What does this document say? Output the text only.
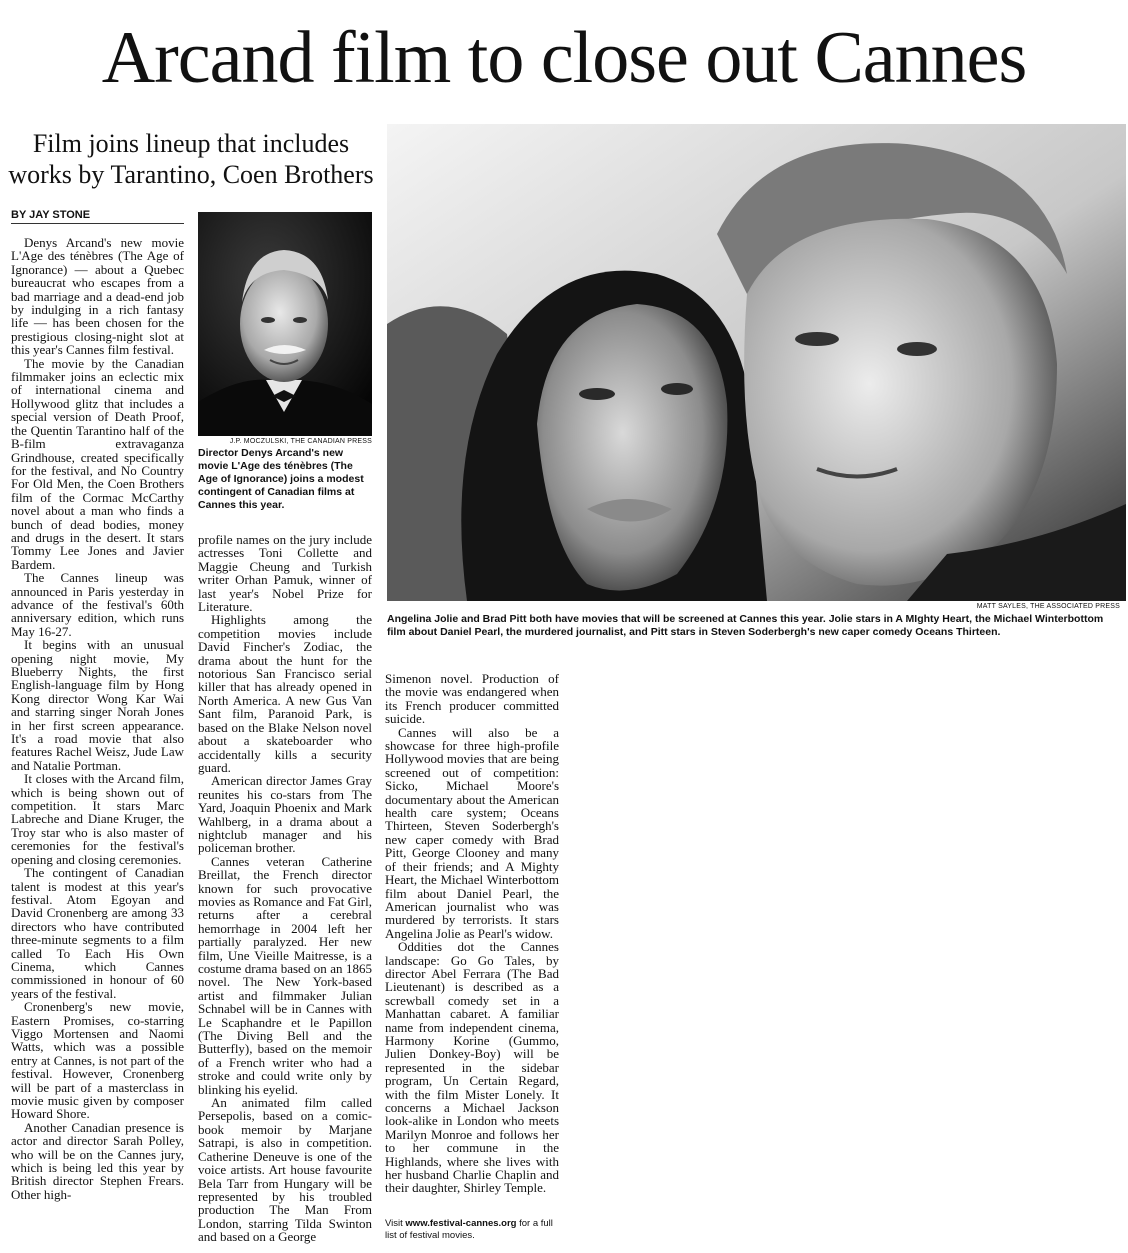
Arcand film to close out Cannes
Film joins lineup that includes works by Tarantino, Coen Brothers
BY JAY STONE
J.P. MOCZULSKI, THE CANADIAN PRESS
Director Denys Arcand's new movie L'Age des ténèbres (The Age of Ignorance) joins a modest contingent of Canadian films at Cannes this year.
MATT SAYLES, THE ASSOCIATED PRESS
Angelina Jolie and Brad Pitt both have movies that will be screened at Cannes this year. Jolie stars in A MIghty Heart, the Michael Winterbottom film about Daniel Pearl, the murdered journalist, and Pitt stars in Steven Soderbergh's new caper comedy Oceans Thirteen.

Denys Arcand's new movie L'Age des ténèbres (The Age of Ignorance) — about a Quebec bureaucrat who escapes from a bad marriage and a dead-end job by indulging in a rich fantasy life — has been chosen for the prestigious closing-night slot at this year's Cannes film festival.

The movie by the Canadian filmmaker joins an eclectic mix of international cinema and Hollywood glitz that includes a special version of Death Proof, the Quentin Tarantino half of the B-film extravaganza Grindhouse, created specifically for the festival, and No Country For Old Men, the Coen Brothers film of the Cormac McCarthy novel about a man who finds a bunch of dead bodies, money and drugs in the desert. It stars Tommy Lee Jones and Javier Bardem.

The Cannes lineup was announced in Paris yesterday in advance of the festival's 60th anniversary edition, which runs May 16-27.

It begins with an unusual opening night movie, My Blueberry Nights, the first English-language film by Hong Kong director Wong Kar Wai and starring singer Norah Jones in her first screen appearance. It's a road movie that also features Rachel Weisz, Jude Law and Natalie Portman.

It closes with the Arcand film, which is being shown out of competition. It stars Marc Labreche and Diane Kruger, the Troy star who is also master of ceremonies for the festival's opening and closing ceremonies.

The contingent of Canadian talent is modest at this year's festival. Atom Egoyan and David Cronenberg are among 33 directors who have contributed three-minute segments to a film called To Each His Own Cinema, which Cannes commissioned in honour of 60 years of the festival.

Cronenberg's new movie, Eastern Promises, co-starring Viggo Mortensen and Naomi Watts, which was a possible entry at Cannes, is not part of the festival. However, Cronenberg will be part of a masterclass in movie music given by composer Howard Shore.

Another Canadian presence is actor and director Sarah Polley, who will be on the Cannes jury, which is being led this year by British director Stephen Frears. Other high-

profile names on the jury include actresses Toni Collette and Maggie Cheung and Turkish writer Orhan Pamuk, winner of last year's Nobel Prize for Literature.

Highlights among the competition movies include David Fincher's Zodiac, the drama about the hunt for the notorious San Francisco serial killer that has already opened in North America. A new Gus Van Sant film, Paranoid Park, is based on the Blake Nelson novel about a skateboarder who accidentally kills a security guard.

American director James Gray reunites his co-stars from The Yard, Joaquin Phoenix and Mark Wahlberg, in a drama about a nightclub manager and his policeman brother.

Cannes veteran Catherine Breillat, the French director known for such provocative movies as Romance and Fat Girl, returns after a cerebral hemorrhage in 2004 left her partially paralyzed. Her new film, Une Vieille Maitresse, is a costume drama based on an 1865 novel. The New York-based artist and filmmaker Julian Schnabel will be in Cannes with Le Scaphandre et le Papillon (The Diving Bell and the Butterfly), based on the memoir of a French writer who had a stroke and could write only by blinking his eyelid.

An animated film called Persepolis, based on a comic-book memoir by Marjane Satrapi, is also in competition. Catherine Deneuve is one of the voice artists. Art house favourite Bela Tarr from Hungary will be represented by his troubled production The Man From London, starring Tilda Swinton and based on a George

Simenon novel. Production of the movie was endangered when its French producer committed suicide.

Cannes will also be a showcase for three high-profile Hollywood movies that are being screened out of competition: Sicko, Michael Moore's documentary about the American health care system; Oceans Thirteen, Steven Soderbergh's new caper comedy with Brad Pitt, George Clooney and many of their friends; and A Mighty Heart, the Michael Winterbottom film about Daniel Pearl, the American journalist who was murdered by terrorists. It stars Angelina Jolie as Pearl's widow.

Oddities dot the Cannes landscape: Go Go Tales, by director Abel Ferrara (The Bad Lieutenant) is described as a screwball comedy set in a Manhattan cabaret. A familiar name from independent cinema, Harmony Korine (Gummo, Julien Donkey-Boy) will be represented in the sidebar program, Un Certain Regard, with the film Mister Lonely. It concerns a Michael Jackson look-alike in London who meets Marilyn Monroe and follows her to her commune in the Highlands, where she lives with her husband Charlie Chaplin and their daughter, Shirley Temple.

Visit www.festival-cannes.org for a full list of festival movies.
